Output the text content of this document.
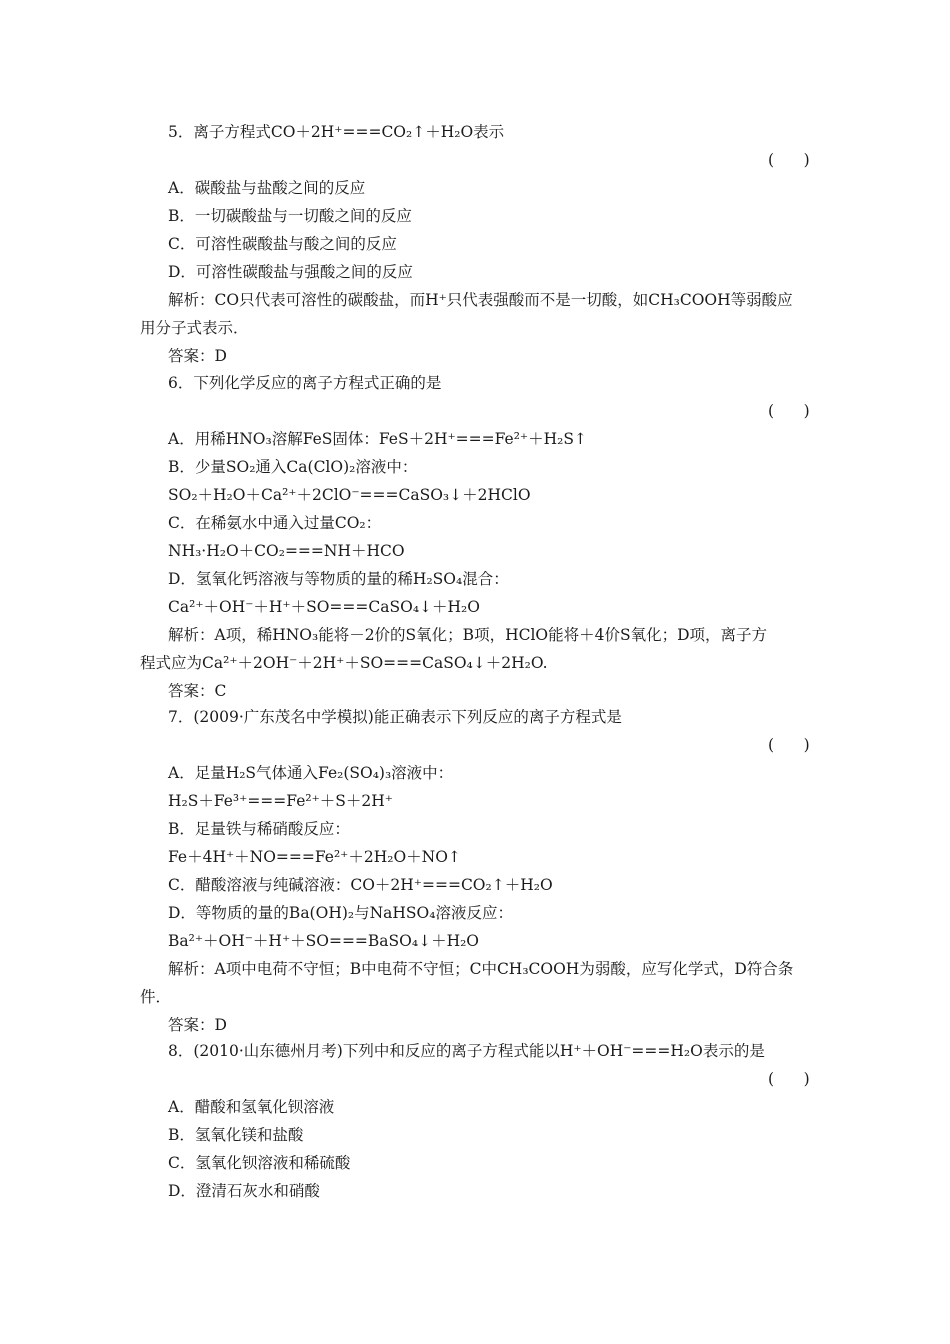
5．离子方程式CO＋2H⁺===CO₂↑＋H₂O表示
(      )
A．碳酸盐与盐酸之间的反应
B．一切碳酸盐与一切酸之间的反应
C．可溶性碳酸盐与酸之间的反应
D．可溶性碳酸盐与强酸之间的反应
解析：CO只代表可溶性的碳酸盐，而H⁺只代表强酸而不是一切酸，如CH₃COOH等弱酸应
用分子式表示．
答案：D
6．下列化学反应的离子方程式正确的是
(      )
A．用稀HNO₃溶解FeS固体：FeS＋2H⁺===Fe²⁺＋H₂S↑
B．少量SO₂通入Ca(ClO)₂溶液中：
SO₂＋H₂O＋Ca²⁺＋2ClO⁻===CaSO₃↓＋2HClO
C．在稀氨水中通入过量CO₂：
NH₃·H₂O＋CO₂===NH＋HCO
D．氢氧化钙溶液与等物质的量的稀H₂SO₄混合：
Ca²⁺＋OH⁻＋H⁺＋SO===CaSO₄↓＋H₂O
解析：A项，稀HNO₃能将－2价的S氧化；B项，HClO能将＋4价S氧化；D项，离子方
程式应为Ca²⁺＋2OH⁻＋2H⁺＋SO===CaSO₄↓＋2H₂O.
答案：C
7．(2009·广东茂名中学模拟)能正确表示下列反应的离子方程式是
(      )
A．足量H₂S气体通入Fe₂(SO₄)₃溶液中：
H₂S＋Fe³⁺===Fe²⁺＋S＋2H⁺
B．足量铁与稀硝酸反应：
Fe＋4H⁺＋NO===Fe²⁺＋2H₂O＋NO↑
C．醋酸溶液与纯碱溶液：CO＋2H⁺===CO₂↑＋H₂O
D．等物质的量的Ba(OH)₂与NaHSO₄溶液反应：
Ba²⁺＋OH⁻＋H⁺＋SO===BaSO₄↓＋H₂O
解析：A项中电荷不守恒；B中电荷不守恒；C中CH₃COOH为弱酸，应写化学式，D符合条
件．
答案：D
8．(2010·山东德州月考)下列中和反应的离子方程式能以H⁺＋OH⁻===H₂O表示的是
(      )
A．醋酸和氢氧化钡溶液
B．氢氧化镁和盐酸
C．氢氧化钡溶液和稀硫酸
D．澄清石灰水和硝酸
